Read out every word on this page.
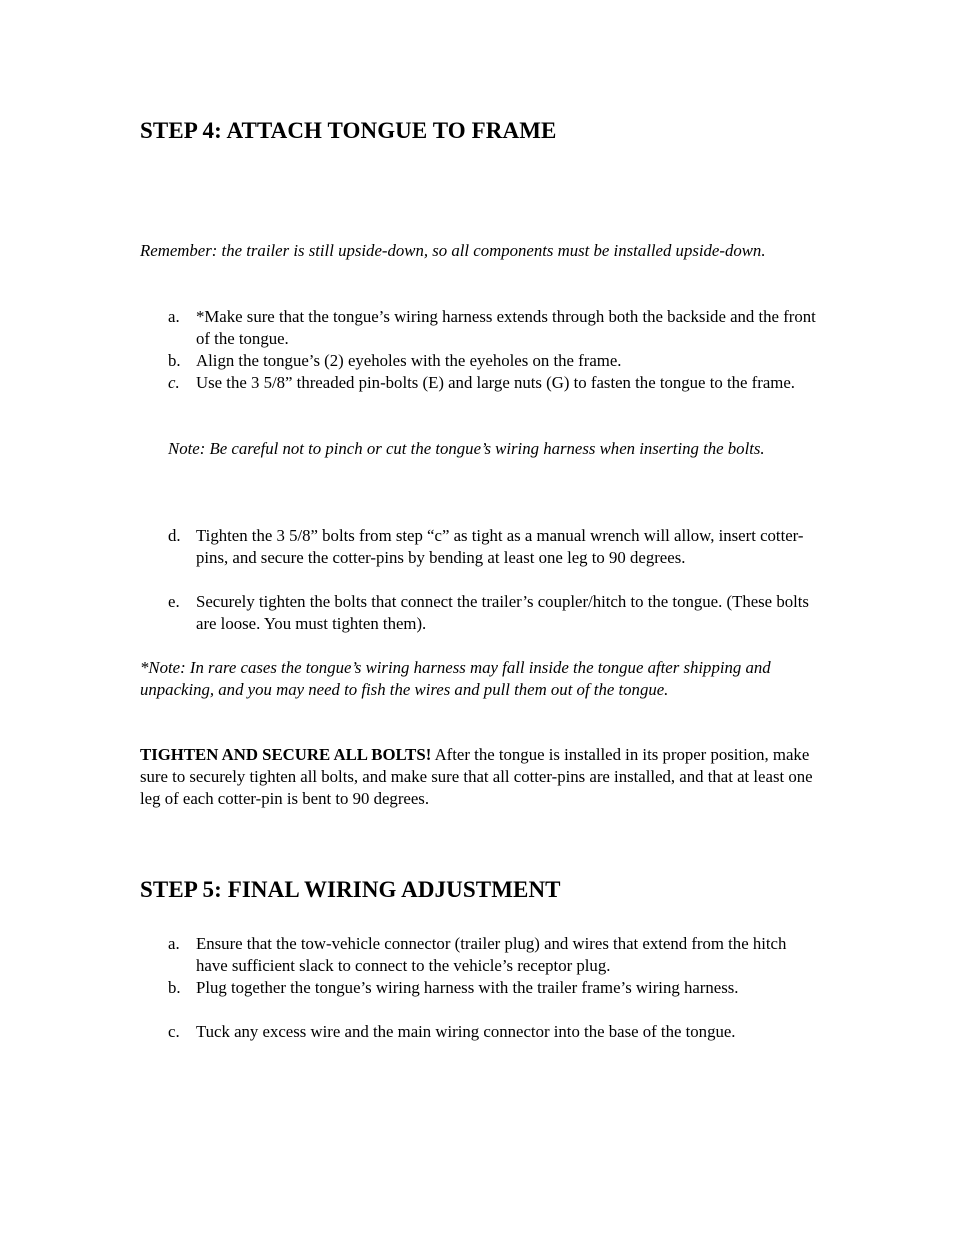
STEP 4: ATTACH TONGUE TO FRAME

Remember: the trailer is still upside-down, so all components must be installed upside-down.

a. *Make sure that the tongue’s wiring harness extends through both the backside and the front of the tongue.
b. Align the tongue’s (2) eyeholes with the eyeholes on the frame.
c. Use the 3 5/8” threaded pin-bolts (E) and large nuts (G) to fasten the tongue to the frame.

Note: Be careful not to pinch or cut the tongue’s wiring harness when inserting the bolts.

d. Tighten the 3 5/8” bolts from step “c” as tight as a manual wrench will allow, insert cotter-pins, and secure the cotter-pins by bending at least one leg to 90 degrees.
e. Securely tighten the bolts that connect the trailer’s coupler/hitch to the tongue. (These bolts are loose. You must tighten them).

*Note: In rare cases the tongue’s wiring harness may fall inside the tongue after shipping and unpacking, and you may need to fish the wires and pull them out of the tongue.

TIGHTEN AND SECURE ALL BOLTS! After the tongue is installed in its proper position, make sure to securely tighten all bolts, and make sure that all cotter-pins are installed, and that at least one leg of each cotter-pin is bent to 90 degrees.

STEP 5: FINAL WIRING ADJUSTMENT
a. Ensure that the tow-vehicle connector (trailer plug) and wires that extend from the hitch have sufficient slack to connect to the vehicle’s receptor plug.
b. Plug together the tongue’s wiring harness with the trailer frame’s wiring harness.
c. Tuck any excess wire and the main wiring connector into the base of the tongue.
